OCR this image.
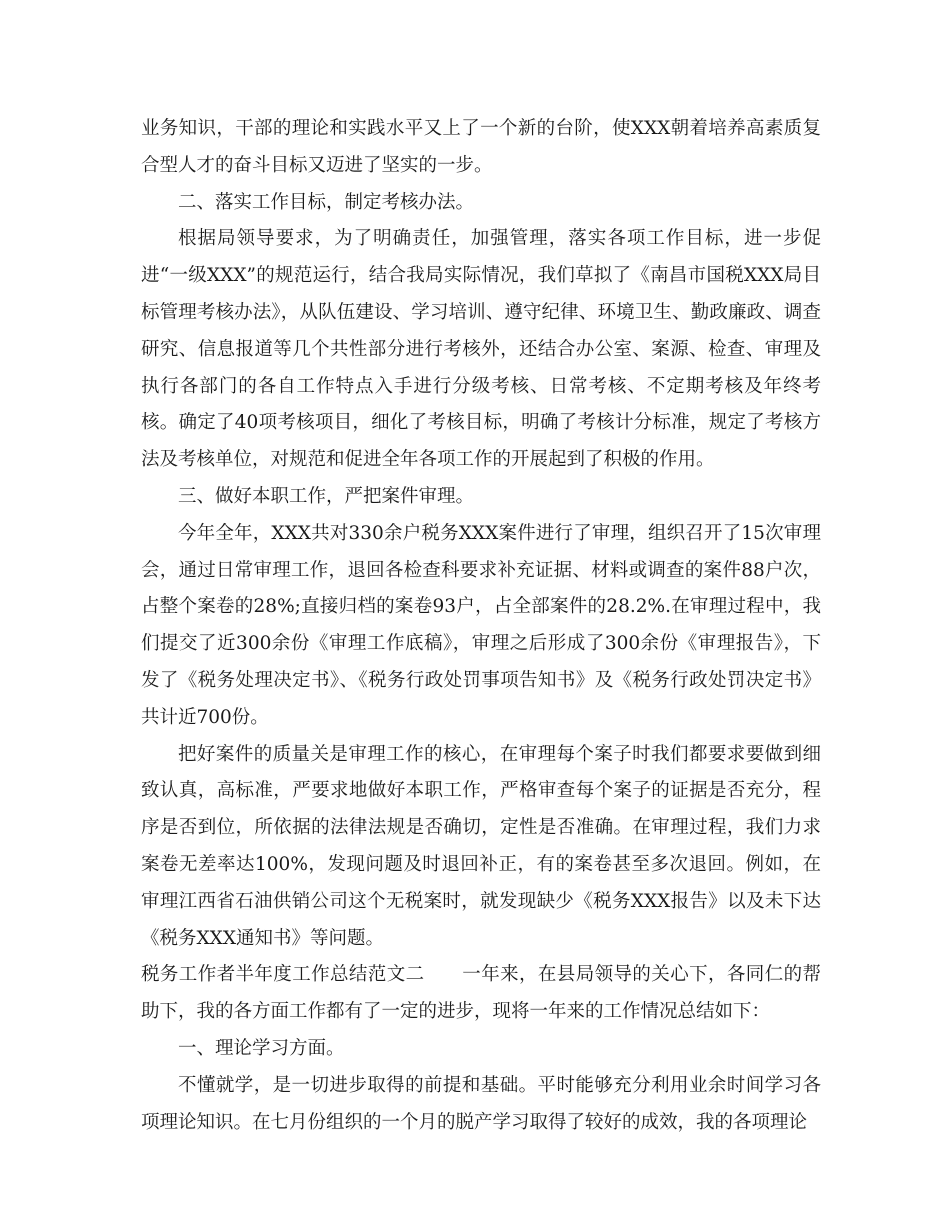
业务知识，干部的理论和实践水平又上了一个新的台阶，使XXX朝着培养高素质复合型人才的奋斗目标又迈进了坚实的一步。

二、落实工作目标，制定考核办法。

根据局领导要求，为了明确责任，加强管理，落实各项工作目标，进一步促进“一级XXX”的规范运行，结合我局实际情况，我们草拟了《南昌市国税XXX局目标管理考核办法》，从队伍建设、学习培训、遵守纪律、环境卫生、勤政廉政、调查研究、信息报道等几个共性部分进行考核外，还结合办公室、案源、检查、审理及执行各部门的各自工作特点入手进行分级考核、日常考核、不定期考核及年终考核。确定了40项考核项目，细化了考核目标，明确了考核计分标准，规定了考核方法及考核单位，对规范和促进全年各项工作的开展起到了积极的作用。

三、做好本职工作，严把案件审理。

今年全年，XXX共对330余户税务XXX案件进行了审理，组织召开了15次审理会，通过日常审理工作，退回各检查科要求补充证据、材料或调查的案件88户次，占整个案卷的28%;直接归档的案卷93户，占全部案件的28.2%.在审理过程中，我们提交了近300余份《审理工作底稿》，审理之后形成了300余份《审理报告》，下发了《税务处理决定书》、《税务行政处罚事项告知书》及《税务行政处罚决定书》共计近700份。

把好案件的质量关是审理工作的核心，在审理每个案子时我们都要求要做到细致认真，高标准，严要求地做好本职工作，严格审查每个案子的证据是否充分，程序是否到位，所依据的法律法规是否确切，定性是否准确。在审理过程，我们力求案卷无差率达100%，发现问题及时退回补正，有的案卷甚至多次退回。例如，在审理江西省石油供销公司这个无税案时，就发现缺少《税务XXX报告》以及未下达《税务XXX通知书》等问题。

税务工作者半年度工作总结范文二　　一年来，在县局领导的关心下，各同仁的帮助下，我的各方面工作都有了一定的进步，现将一年来的工作情况总结如下：

一、理论学习方面。

不懂就学，是一切进步取得的前提和基础。平时能够充分利用业余时间学习各项理论知识。在七月份组织的一个月的脱产学习取得了较好的成效，我的各项理论
